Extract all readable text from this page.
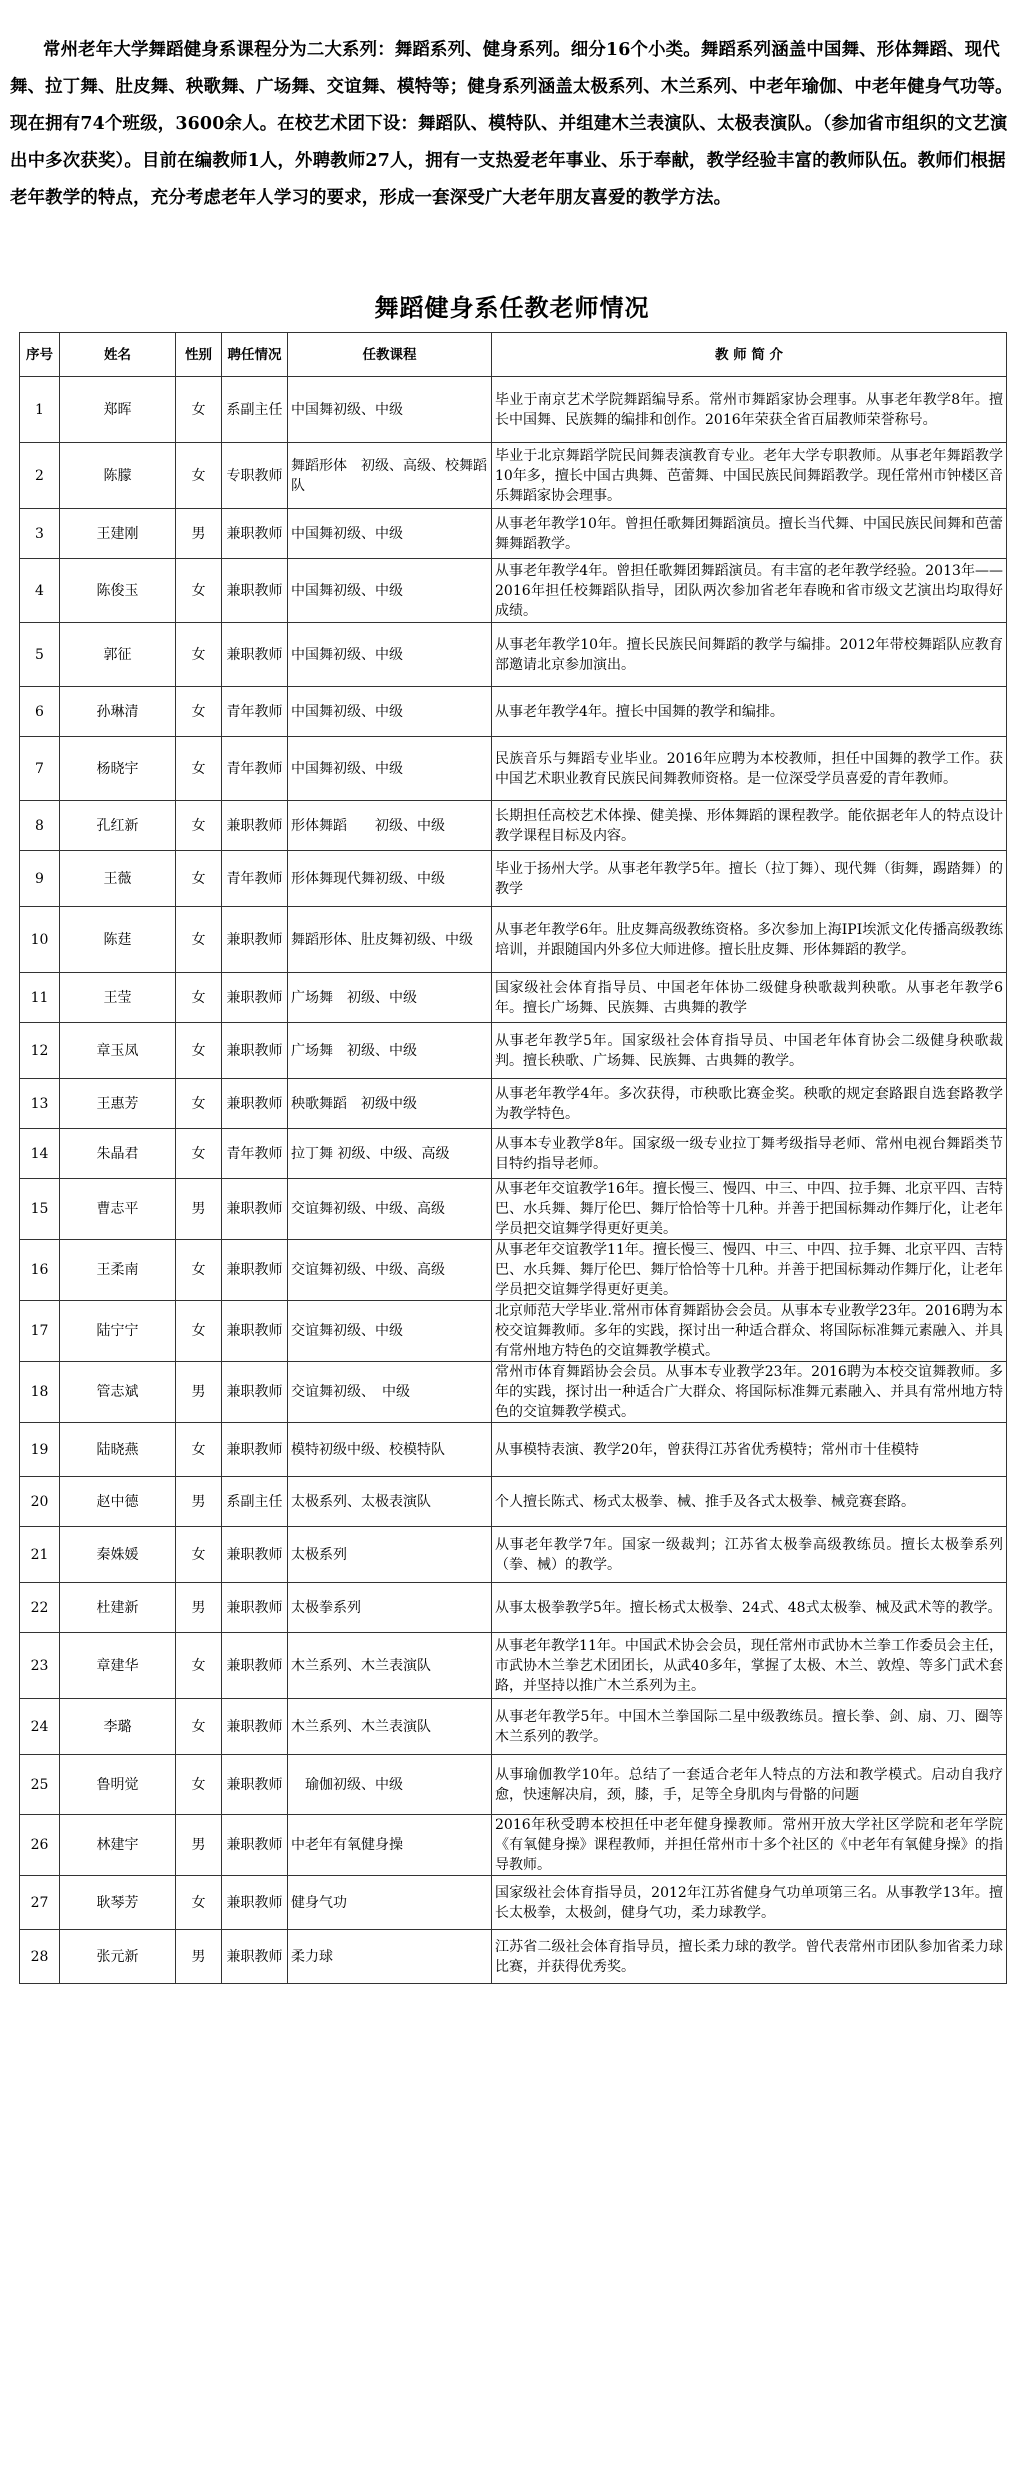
常州老年大学舞蹈健身系课程分为二大系列：舞蹈系列、健身系列。细分16个小类。舞蹈系列涵盖中国舞、形体舞蹈、现代舞、拉丁舞、肚皮舞、秧歌舞、广场舞、交谊舞、模特等；健身系列涵盖太极系列、木兰系列、中老年瑜伽、中老年健身气功等。现在拥有74个班级，3600余人。在校艺术团下设：舞蹈队、模特队、并组建木兰表演队、太极表演队。（参加省市组织的文艺演出中多次获奖）。目前在编教师1人，外聘教师27人，拥有一支热爱老年事业、乐于奉献，教学经验丰富的教师队伍。教师们根据老年教学的特点，充分考虑老年人学习的要求，形成一套深受广大老年朋友喜爱的教学方法。
舞蹈健身系任教老师情况
序号	姓名	性别	聘任情况	任教课程	教 师 简 介
1	郑晖	女	系副主任	中国舞初级、中级	毕业于南京艺术学院舞蹈编导系。常州市舞蹈家协会理事。从事老年教学8年。擅长中国舞、民族舞的编排和创作。2016年荣获全省百届教师荣誉称号。
2	陈朦	女	专职教师	舞蹈形体　初级、高级、校舞蹈队	毕业于北京舞蹈学院民间舞表演教育专业。老年大学专职教师。从事老年舞蹈教学10年多，擅长中国古典舞、芭蕾舞、中国民族民间舞蹈教学。现任常州市钟楼区音乐舞蹈家协会理事。
3	王建刚	男	兼职教师	中国舞初级、中级	从事老年教学10年。曾担任歌舞团舞蹈演员。擅长当代舞、中国民族民间舞和芭蕾舞舞蹈教学。
4	陈俊玉	女	兼职教师	中国舞初级、中级	从事老年教学4年。曾担任歌舞团舞蹈演员。有丰富的老年教学经验。2013年——2016年担任校舞蹈队指导，团队两次参加省老年春晚和省市级文艺演出均取得好成绩。
5	郭征	女	兼职教师	中国舞初级、中级	从事老年教学10年。擅长民族民间舞蹈的教学与编排。2012年带校舞蹈队应教育部邀请北京参加演出。
6	孙琳清	女	青年教师	中国舞初级、中级	从事老年教学4年。擅长中国舞的教学和编排。
7	杨晓宇	女	青年教师	中国舞初级、中级	民族音乐与舞蹈专业毕业。2016年应聘为本校教师，担任中国舞的教学工作。获中国艺术职业教育民族民间舞教师资格。是一位深受学员喜爱的青年教师。
8	孔红新	女	兼职教师	形体舞蹈　　初级、中级	长期担任高校艺术体操、健美操、形体舞蹈的课程教学。能依据老年人的特点设计教学课程目标及内容。
9	王薇	女	青年教师	形体舞现代舞初级、中级	毕业于扬州大学。从事老年教学5年。擅长（拉丁舞）、现代舞（街舞，踢踏舞）的教学
10	陈莛	女	兼职教师	舞蹈形体、肚皮舞初级、中级	从事老年教学6年。肚皮舞高级教练资格。多次参加上海IPI埃派文化传播高级教练培训，并跟随国内外多位大师进修。擅长肚皮舞、形体舞蹈的教学。
11	王莹	女	兼职教师	广场舞　初级、中级	国家级社会体育指导员、中国老年体协二级健身秧歌裁判秧歌。从事老年教学6年。擅长广场舞、民族舞、古典舞的教学
12	章玉凤	女	兼职教师	广场舞　初级、中级	从事老年教学5年。国家级社会体育指导员、中国老年体育协会二级健身秧歌裁判。擅长秧歌、广场舞、民族舞、古典舞的教学。
13	王惠芳	女	兼职教师	秧歌舞蹈　初级中级	从事老年教学4年。多次获得，市秧歌比赛金奖。秧歌的规定套路跟自选套路教学为教学特色。
14	朱晶君	女	青年教师	拉丁舞 初级、中级、高级	从事本专业教学8年。国家级一级专业拉丁舞考级指导老师、常州电视台舞蹈类节目特约指导老师。
15	曹志平	男	兼职教师	交谊舞初级、中级、高级	从事老年交谊教学16年。擅长慢三、慢四、中三、中四、拉手舞、北京平四、吉特巴、水兵舞、舞厅伦巴、舞厅恰恰等十几种。并善于把国标舞动作舞厅化，让老年学员把交谊舞学得更好更美。
16	王柔南	女	兼职教师	交谊舞初级、中级、高级	从事老年交谊教学11年。擅长慢三、慢四、中三、中四、拉手舞、北京平四、吉特巴、水兵舞、舞厅伦巴、舞厅恰恰等十几种。并善于把国标舞动作舞厅化，让老年学员把交谊舞学得更好更美。
17	陆宁宁	女	兼职教师	交谊舞初级、中级	北京师范大学毕业.常州市体育舞蹈协会会员。从事本专业教学23年。2016聘为本校交谊舞教师。多年的实践，探讨出一种适合群众、将国际标准舞元素融入、并具有常州地方特色的交谊舞教学模式。
18	管志斌	男	兼职教师	交谊舞初级、　中级	常州市体育舞蹈协会会员。从事本专业教学23年。2016聘为本校交谊舞教师。多年的实践，探讨出一种适合广大群众、将国际标准舞元素融入、并具有常州地方特色的交谊舞教学模式。
19	陆晓燕	女	兼职教师	模特初级中级、校模特队	从事模特表演、教学20年，曾获得江苏省优秀模特；常州市十佳模特
20	赵中德	男	系副主任	太极系列、太极表演队	个人擅长陈式、杨式太极拳、械、推手及各式太极拳、械竞赛套路。
21	秦姝媛	女	兼职教师	太极系列	从事老年教学7年。国家一级裁判；江苏省太极拳高级教练员。擅长太极拳系列（拳、械）的教学。
22	杜建新	男	兼职教师	太极拳系列	从事太极拳教学5年。擅长杨式太极拳、24式、48式太极拳、械及武术等的教学。
23	章建华	女	兼职教师	木兰系列、木兰表演队	从事老年教学11年。中国武术协会会员，现任常州市武协木兰拳工作委员会主任，市武协木兰拳艺术团团长，从武40多年，掌握了太极、木兰、敦煌、等多门武术套路，并坚持以推广木兰系列为主。
24	李璐	女	兼职教师	木兰系列、木兰表演队	从事老年教学5年。中国木兰拳国际二星中级教练员。擅长拳、剑、扇、刀、圈等木兰系列的教学。
25	鲁明觉	女	兼职教师	　瑜伽初级、中级	从事瑜伽教学10年。总结了一套适合老年人特点的方法和教学模式。启动自我疗愈，快速解决肩，颈，膝，手，足等全身肌肉与骨骼的问题
26	林建宇	男	兼职教师	中老年有氧健身操	2016年秋受聘本校担任中老年健身操教师。常州开放大学社区学院和老年学院《有氧健身操》课程教师，并担任常州市十多个社区的《中老年有氧健身操》的指导教师。
27	耿琴芳	女	兼职教师	健身气功	国家级社会体育指导员，2012年江苏省健身气功单项第三名。从事教学13年。擅长太极拳，太极剑，健身气功，柔力球教学。
28	张元新	男	兼职教师	柔力球	江苏省二级社会体育指导员，擅长柔力球的教学。曾代表常州市团队参加省柔力球比赛，并获得优秀奖。
